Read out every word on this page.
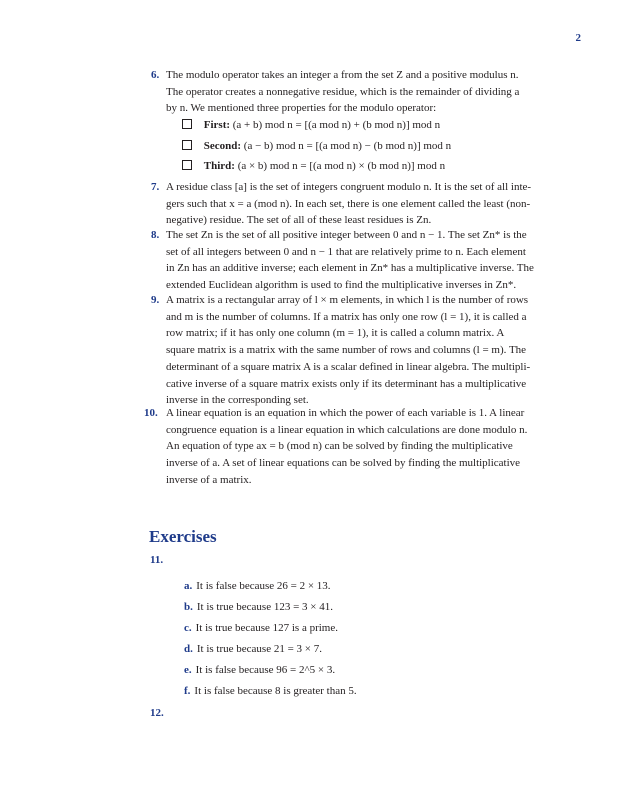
2
6. The modulo operator takes an integer a from the set Z and a positive modulus n.
The operator creates a nonnegative residue, which is the remainder of dividing a
by n. We mentioned three properties for the modulo operator:
First: (a + b) mod n = [(a mod n) + (b mod n)] mod n
Second: (a − b) mod n = [(a mod n) − (b mod n)] mod n
Third: (a × b) mod n = [(a mod n) × (b mod n)] mod n
7. A residue class [a] is the set of integers congruent modulo n. It is the set of all inte-
gers such that x = a (mod n). In each set, there is one element called the least (non-
negative) residue. The set of all of these least residues is Zn.
8. The set Zn is the set of all positive integer between 0 and n − 1. The set Zn* is the
set of all integers between 0 and n − 1 that are relatively prime to n. Each element
in Zn has an additive inverse; each element in Zn* has a multiplicative inverse. The
extended Euclidean algorithm is used to find the multiplicative inverses in Zn*.
9. A matrix is a rectangular array of l × m elements, in which l is the number of rows
and m is the number of columns. If a matrix has only one row (l = 1), it is called a
row matrix; if it has only one column (m = 1), it is called a column matrix. A
square matrix is a matrix with the same number of rows and columns (l = m). The
determinant of a square matrix A is a scalar defined in linear algebra. The multipli-
cative inverse of a square matrix exists only if its determinant has a multiplicative
inverse in the corresponding set.
10. A linear equation is an equation in which the power of each variable is 1. A linear
congruence equation is a linear equation in which calculations are done modulo n.
An equation of type ax = b (mod n) can be solved by finding the multiplicative
inverse of a. A set of linear equations can be solved by finding the multiplicative
inverse of a matrix.
Exercises
11.
a. It is false because 26 = 2 × 13.
b. It is true because 123 = 3 × 41.
c. It is true because 127 is a prime.
d. It is true because 21 = 3 × 7.
e. It is false because 96 = 2^5 × 3.
f. It is false because 8 is greater than 5.
12.
